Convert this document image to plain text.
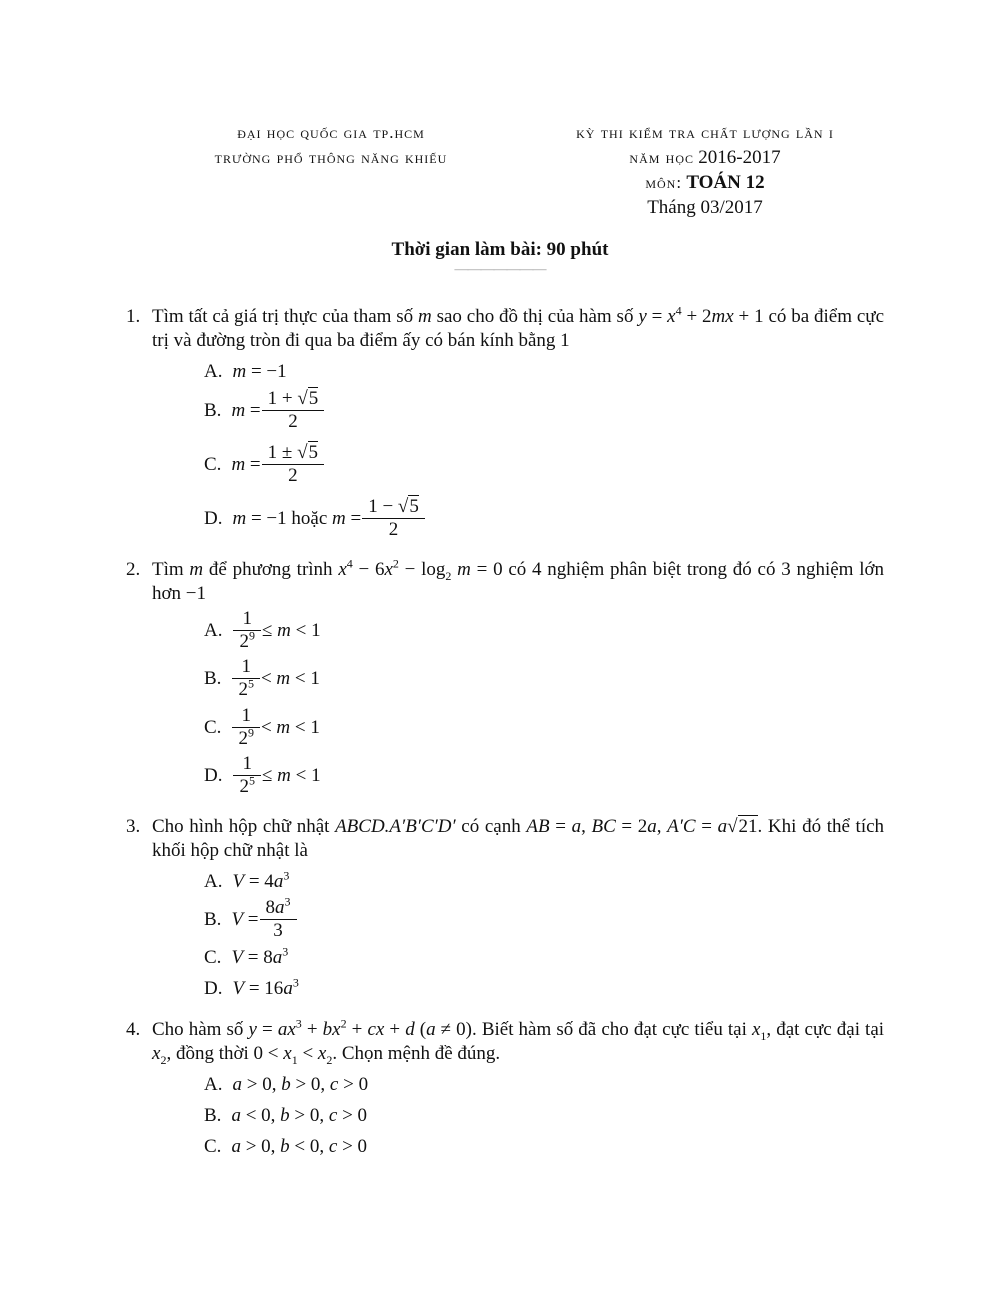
đại học quốc gia tp.hcm
trường phổ thông năng khiếu
kỳ thi kiểm tra chất lượng lần i
năm học 2016-2017
môn: TOÁN 12
Tháng 03/2017
Thời gian làm bài: 90 phút
———————
1. Tìm tất cả giá trị thực của tham số m sao cho đồ thị của hàm số $y = x^4 + 2mx + 1$ có ba điểm cực trị và đường tròn đi qua ba điểm ấy có bán kính bằng 1
A. m = −1
B. $m = \frac{1 + √5}{2}$
C. $m = \frac{1 \pm √5}{2}$
D. m = −1 hoặc $m = \frac{1 - √5}{2}$
2. Tìm m để phương trình $x^4 - 6x^2 - \log_2 m = 0$ có 4 nghiệm phân biệt trong đó có 3 nghiệm lớn hơn −1
A. $\frac{1}{2^9} \le m < 1$
B. $\frac{1}{2^5} < m < 1$
C. $\frac{1}{2^9} < m < 1$
D. $\frac{1}{2^5} \le m < 1$
3. Cho hình hộp chữ nhật ABCD.A′B′C′D′ có cạnh AB = a, BC = 2a, A′C = a√21. Khi đó thể tích khối hộp chữ nhật là
A. $V = 4a^3$
B. $V = \frac{8a^3}{3}$
C. $V = 8a^3$
D. $V = 16a^3$
4. Cho hàm số $y = ax^3 + bx^2$ + cx + d (a ≠ 0). Biết hàm số đã cho đạt cực tiểu tại $x_1$, đạt cực đại tại $x_2$, đồng thời $0 < x_1 < x_2$. Chọn mệnh đề đúng.
A. a > 0, b > 0, c > 0
B. a < 0, b > 0, c > 0
C. a > 0, b < 0, c > 0
